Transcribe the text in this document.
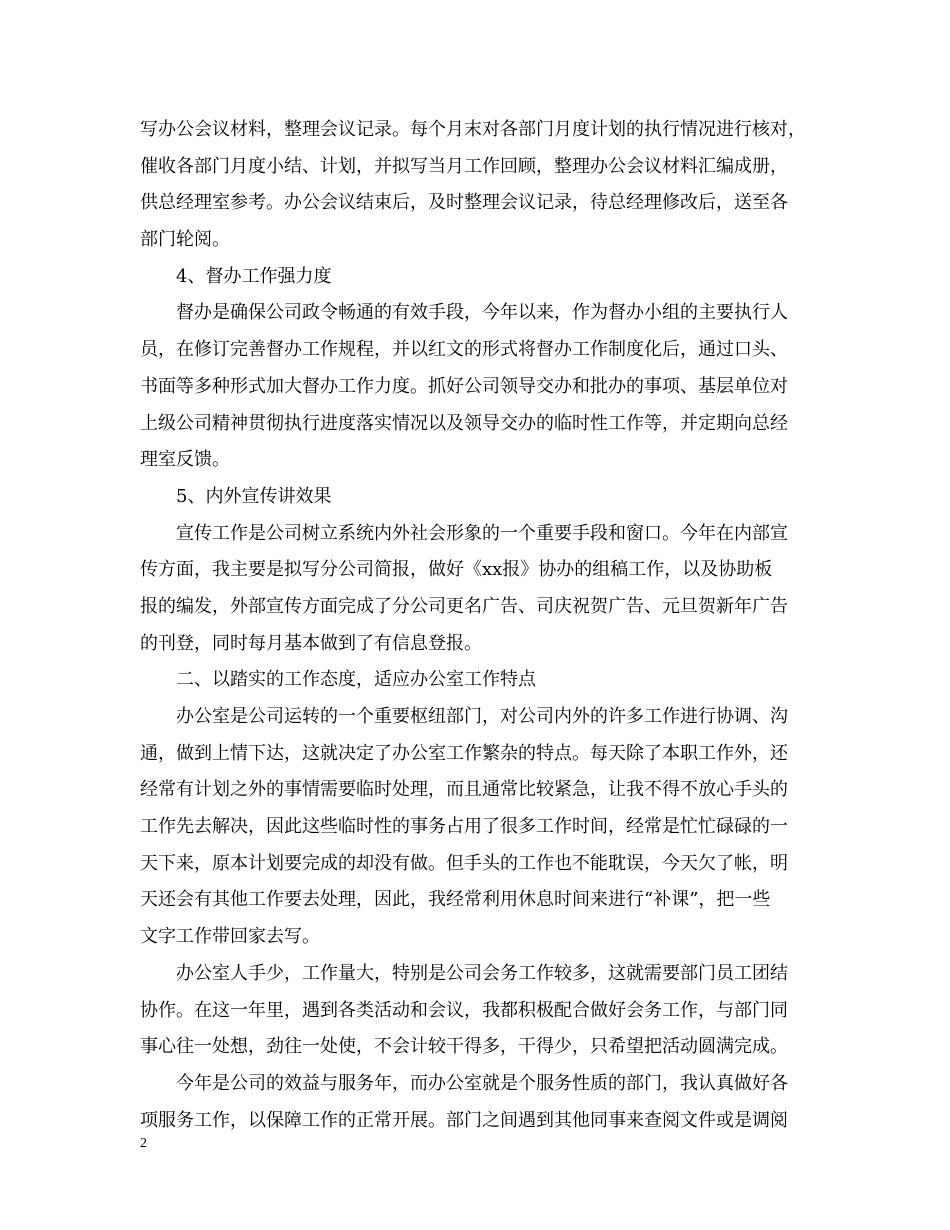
写办公会议材料，整理会议记录。每个月末对各部门月度计划的执行情况进行核对，
催收各部门月度小结、计划，并拟写当月工作回顾，整理办公会议材料汇编成册，
供总经理室参考。办公会议结束后，及时整理会议记录，待总经理修改后，送至各
部门轮阅。
4、督办工作强力度
督办是确保公司政令畅通的有效手段，今年以来，作为督办小组的主要执行人
员，在修订完善督办工作规程，并以红文的形式将督办工作制度化后，通过口头、
书面等多种形式加大督办工作力度。抓好公司领导交办和批办的事项、基层单位对
上级公司精神贯彻执行进度落实情况以及领导交办的临时性工作等，并定期向总经
理室反馈。
5、内外宣传讲效果
宣传工作是公司树立系统内外社会形象的一个重要手段和窗口。今年在内部宣
传方面，我主要是拟写分公司简报，做好《xx报》协办的组稿工作，以及协助板
报的编发，外部宣传方面完成了分公司更名广告、司庆祝贺广告、元旦贺新年广告
的刊登，同时每月基本做到了有信息登报。
二、以踏实的工作态度，适应办公室工作特点
办公室是公司运转的一个重要枢纽部门，对公司内外的许多工作进行协调、沟
通，做到上情下达，这就决定了办公室工作繁杂的特点。每天除了本职工作外，还
经常有计划之外的事情需要临时处理，而且通常比较紧急，让我不得不放心手头的
工作先去解决，因此这些临时性的事务占用了很多工作时间，经常是忙忙碌碌的一
天下来，原本计划要完成的却没有做。但手头的工作也不能耽误，今天欠了帐，明
天还会有其他工作要去处理，因此，我经常利用休息时间来进行“补课”，把一些
文字工作带回家去写。
办公室人手少，工作量大，特别是公司会务工作较多，这就需要部门员工团结
协作。在这一年里，遇到各类活动和会议，我都积极配合做好会务工作，与部门同
事心往一处想，劲往一处使，不会计较干得多，干得少，只希望把活动圆满完成。
今年是公司的效益与服务年，而办公室就是个服务性质的部门，我认真做好各
项服务工作，以保障工作的正常开展。部门之间遇到其他同事来查阅文件或是调阅
2
